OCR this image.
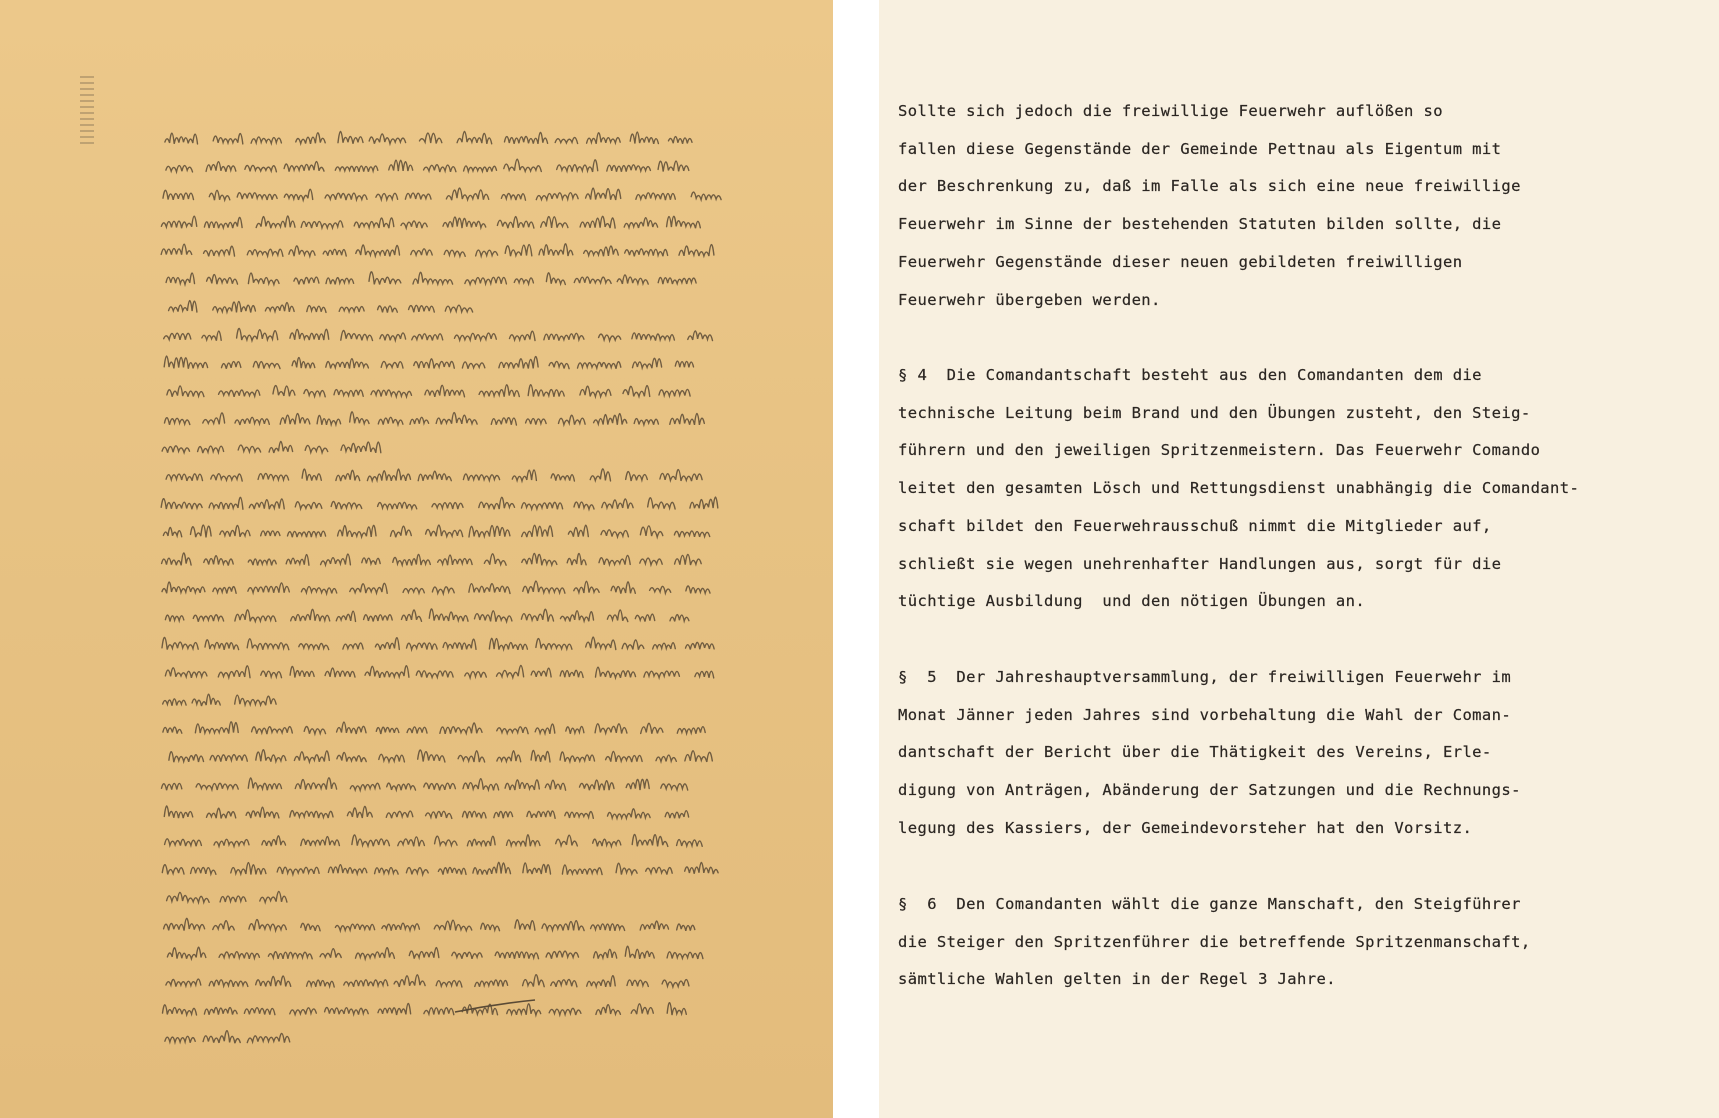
Sollte sich jedoch die freiwillige Feuerwehr auflößen so
fallen diese Gegenstände der Gemeinde Pettnau als Eigentum mit
der Beschrenkung zu, daß im Falle als sich eine neue freiwillige
Feuerwehr im Sinne der bestehenden Statuten bilden sollte, die
Feuerwehr Gegenstände dieser neuen gebildeten freiwilligen
Feuerwehr übergeben werden.
§ 4  Die Comandantschaft besteht aus den Comandanten dem die
technische Leitung beim Brand und den Übungen zusteht, den Steig-
führern und den jeweiligen Spritzenmeistern. Das Feuerwehr Comando
leitet den gesamten Lösch und Rettungsdienst unabhängig die Comandant-
schaft bildet den Feuerwehrausschuß nimmt die Mitglieder auf,
schließt sie wegen unehrenhafter Handlungen aus, sorgt für die
tüchtige Ausbildung  und den nötigen Übungen an.
§  5  Der Jahreshauptversammlung, der freiwilligen Feuerwehr im
Monat Jänner jeden Jahres sind vorbehaltung die Wahl der Coman-
dantschaft der Bericht über die Thätigkeit des Vereins, Erle-
digung von Anträgen, Abänderung der Satzungen und die Rechnungs-
legung des Kassiers, der Gemeindevorsteher hat den Vorsitz.
§  6  Den Comandanten wählt die ganze Manschaft, den Steigführer
die Steiger den Spritzenführer die betreffende Spritzenmanschaft,
sämtliche Wahlen gelten in der Regel 3 Jahre.
